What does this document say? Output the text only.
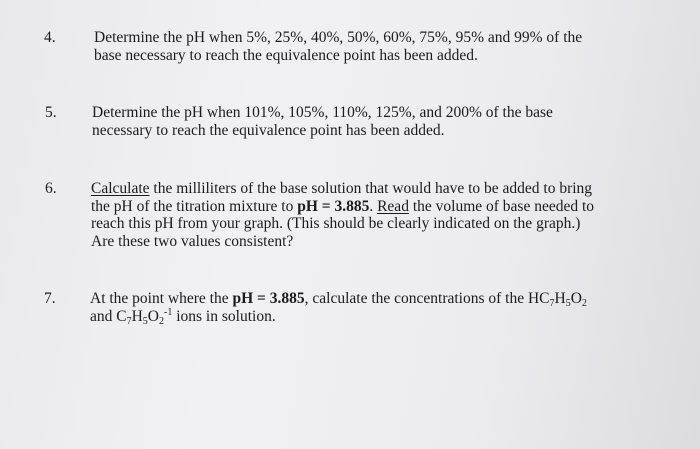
4. Determine the pH when 5%, 25%, 40%, 50%, 60%, 75%, 95% and 99% of the
base necessary to reach the equivalence point has been added.
5. Determine the pH when 101%, 105%, 110%, 125%, and 200% of the base
necessary to reach the equivalence point has been added.
6. Calculate the milliliters of the base solution that would have to be added to bring
the pH of the titration mixture to pH = 3.885. Read the volume of base needed to
reach this pH from your graph. (This should be clearly indicated on the graph.)
Are these two values consistent?
7. At the point where the pH = 3.885, calculate the concentrations of the $HC_7H_5O_2$
and $C_7H_5O_2^{-1}$ ions in solution.
